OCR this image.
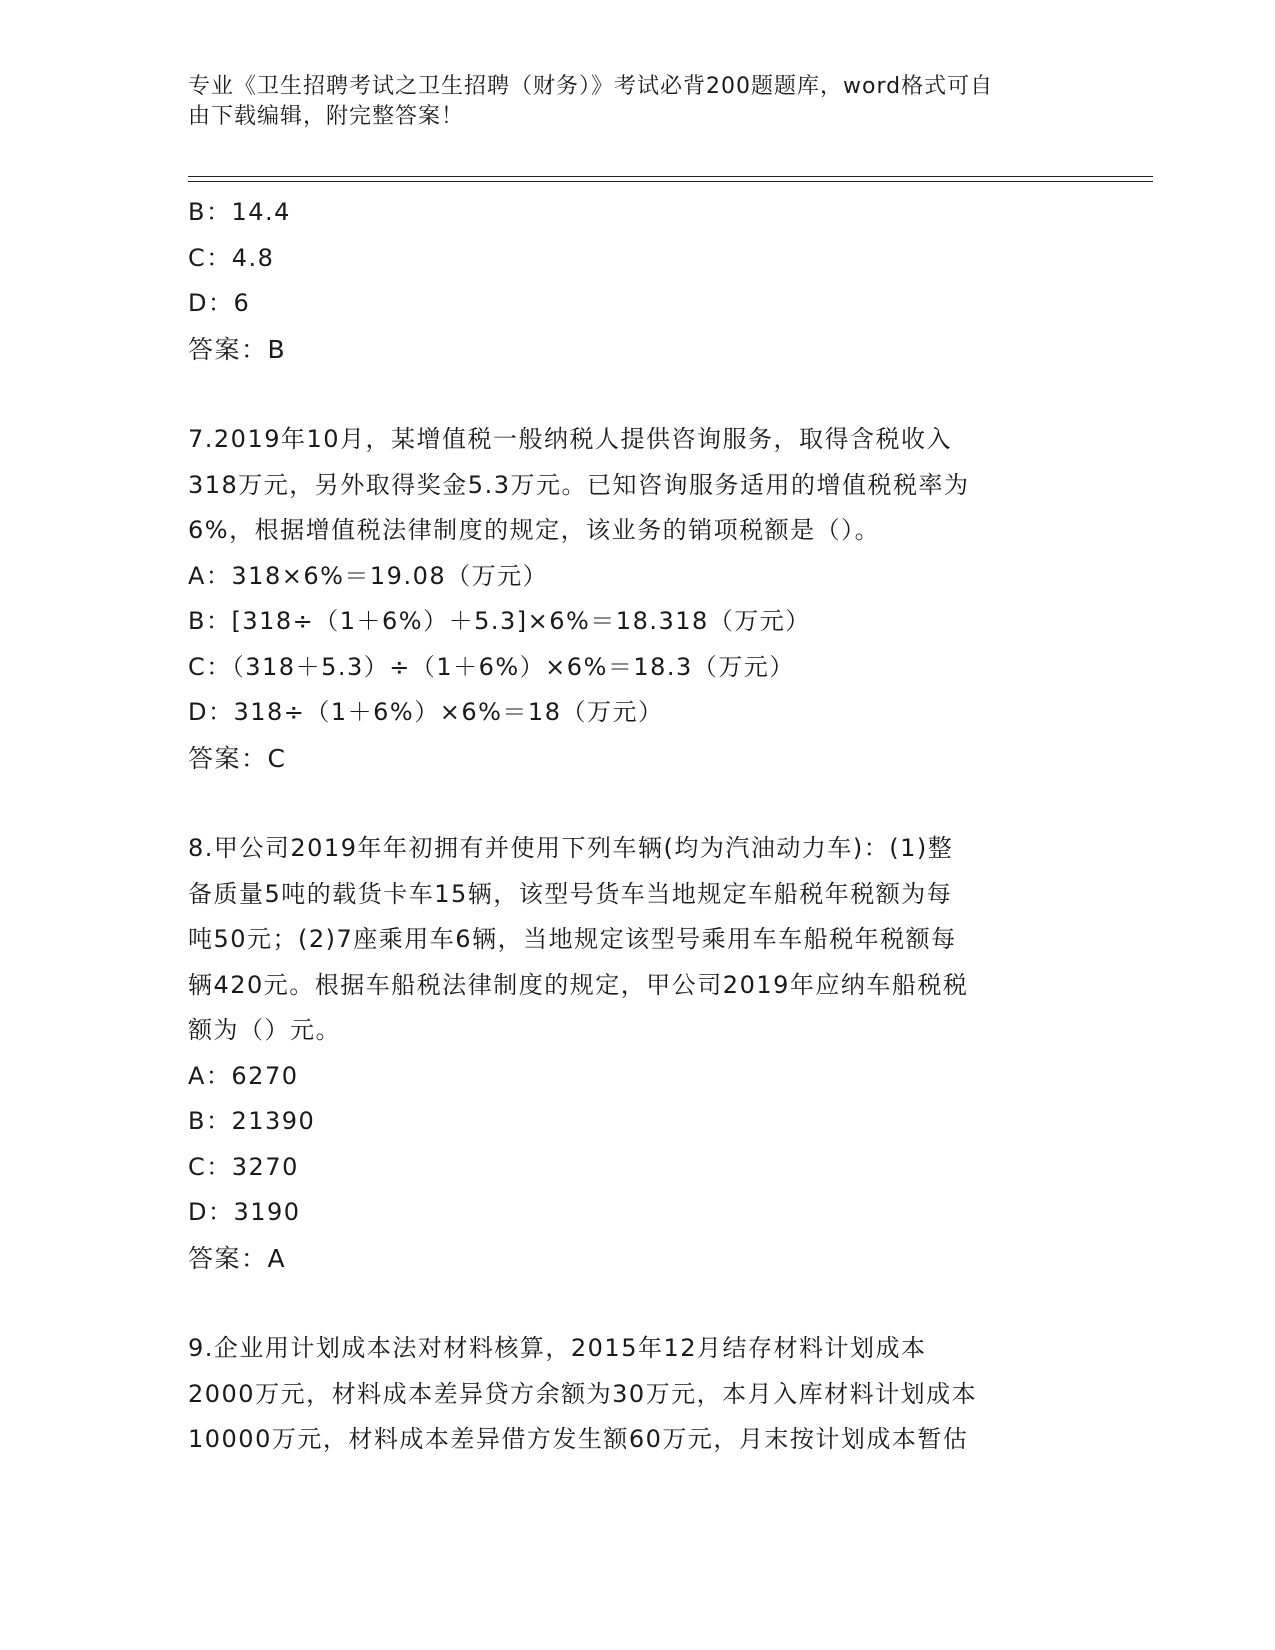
专业《卫生招聘考试之卫生招聘（财务）》考试必背200题题库，word格式可自
由下载编辑，附完整答案！
B：14.4
C：4.8
D：6
答案：B
7.2019年10月，某增值税一般纳税人提供咨询服务，取得含税收入
318万元，另外取得奖金5.3万元。已知咨询服务适用的增值税税率为
6%，根据增值税法律制度的规定，该业务的销项税额是（）。
A：318×6%＝19.08（万元）
B：[318÷（1＋6%）＋5.3]×6%＝18.318（万元）
C：（318＋5.3）÷（1＋6%）×6%＝18.3（万元）
D：318÷（1＋6%）×6%＝18（万元）
答案：C
8.甲公司2019年年初拥有并使用下列车辆(均为汽油动力车)：(1)整
备质量5吨的载货卡车15辆，该型号货车当地规定车船税年税额为每
吨50元；(2)7座乘用车6辆，当地规定该型号乘用车车船税年税额每
辆420元。根据车船税法律制度的规定，甲公司2019年应纳车船税税
额为（）元。
A：6270
B：21390
C：3270
D：3190
答案：A
9.企业用计划成本法对材料核算，2015年12月结存材料计划成本
2000万元，材料成本差异贷方余额为30万元，本月入库材料计划成本
10000万元，材料成本差异借方发生额60万元，月末按计划成本暂估
